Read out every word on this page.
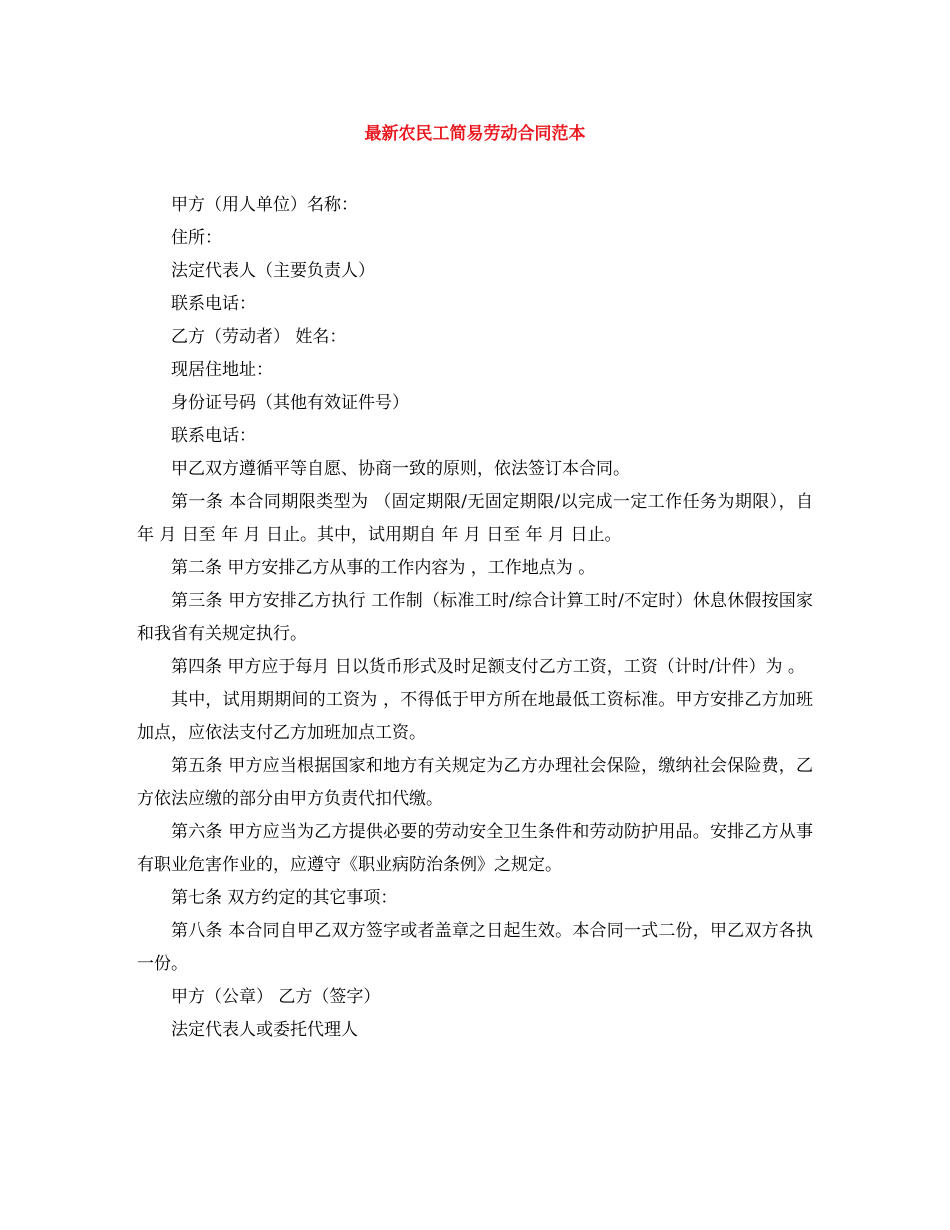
最新农民工简易劳动合同范本

甲方（用人单位）名称：

住所：

法定代表人（主要负责人）

联系电话：

乙方（劳动者） 姓名：

现居住地址：

身份证号码（其他有效证件号）

联系电话：

甲乙双方遵循平等自愿、协商一致的原则，依法签订本合同。

第一条 本合同期限类型为 （固定期限/无固定期限/以完成一定工作任务为期限），自 年 月 日至 年 月 日止。其中，试用期自 年 月 日至 年 月 日止。

第二条 甲方安排乙方从事的工作内容为 ，工作地点为 。

第三条 甲方安排乙方执行 工作制（标准工时/综合计算工时/不定时）休息休假按国家和我省有关规定执行。

第四条 甲方应于每月 日以货币形式及时足额支付乙方工资，工资（计时/计件）为 。

其中，试用期期间的工资为 ，不得低于甲方所在地最低工资标准。甲方安排乙方加班加点，应依法支付乙方加班加点工资。

第五条 甲方应当根据国家和地方有关规定为乙方办理社会保险，缴纳社会保险费，乙方依法应缴的部分由甲方负责代扣代缴。

第六条 甲方应当为乙方提供必要的劳动安全卫生条件和劳动防护用品。安排乙方从事有职业危害作业的，应遵守《职业病防治条例》之规定。

第七条 双方约定的其它事项：

第八条 本合同自甲乙双方签字或者盖章之日起生效。本合同一式二份，甲乙双方各执一份。

甲方（公章） 乙方（签字）

法定代表人或委托代理人
